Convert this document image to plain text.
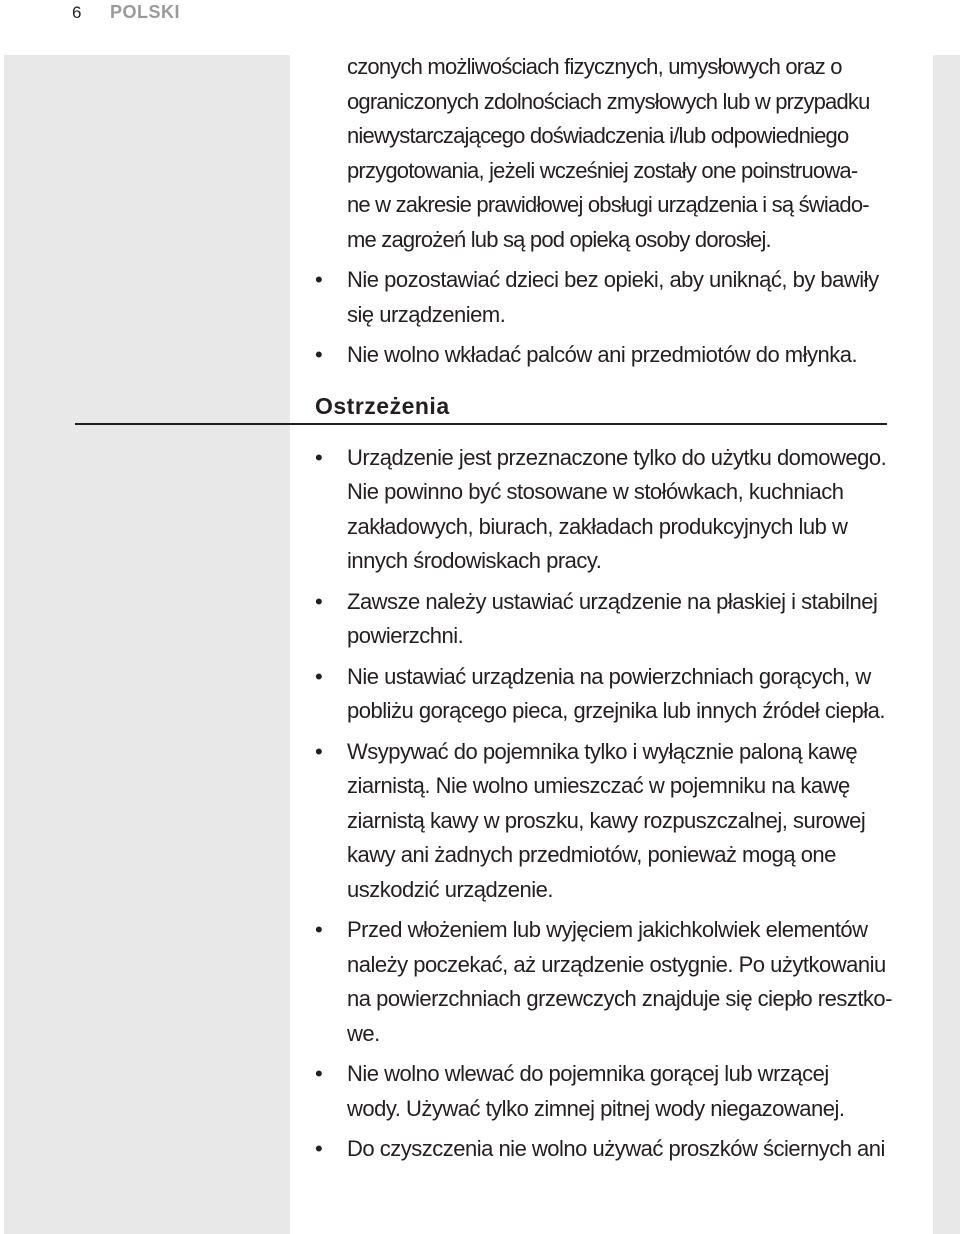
6 POLSKI
czonych możliwościach fizycznych, umysłowych oraz o
ograniczonych zdolnościach zmysłowych lub w przypadku
niewystarczającego doświadczenia i/lub odpowiedniego
przygotowania, jeżeli wcześniej zostały one poinstruowa-
ne w zakresie prawidłowej obsługi urządzenia i są świado-
me zagrożeń lub są pod opieką osoby dorosłej.
•	Nie pozostawiać dzieci bez opieki, aby uniknąć, by bawiły
się urządzeniem.
•	Nie wolno wkładać palców ani przedmiotów do młynka.
Ostrzeżenia
•	Urządzenie jest przeznaczone tylko do użytku domowego.
Nie powinno być stosowane w stołówkach, kuchniach
zakładowych, biurach, zakładach produkcyjnych lub w
innych środowiskach pracy.
•	Zawsze należy ustawiać urządzenie na płaskiej i stabilnej
powierzchni.
•	Nie ustawiać urządzenia na powierzchniach gorących, w
pobliżu gorącego pieca, grzejnika lub innych źródeł ciepła.
•	Wsypywać do pojemnika tylko i wyłącznie paloną kawę
ziarnistą. Nie wolno umieszczać w pojemniku na kawę
ziarnistą kawy w proszku, kawy rozpuszczalnej, surowej
kawy ani żadnych przedmiotów, ponieważ mogą one
uszkodzić urządzenie.
•	Przed włożeniem lub wyjęciem jakichkolwiek elementów
należy poczekać, aż urządzenie ostygnie. Po użytkowaniu
na powierzchniach grzewczych znajduje się ciepło resztko-
we.
•	Nie wolno wlewać do pojemnika gorącej lub wrzącej
wody. Używać tylko zimnej pitnej wody niegazowanej.
•	Do czyszczenia nie wolno używać proszków ściernych ani
